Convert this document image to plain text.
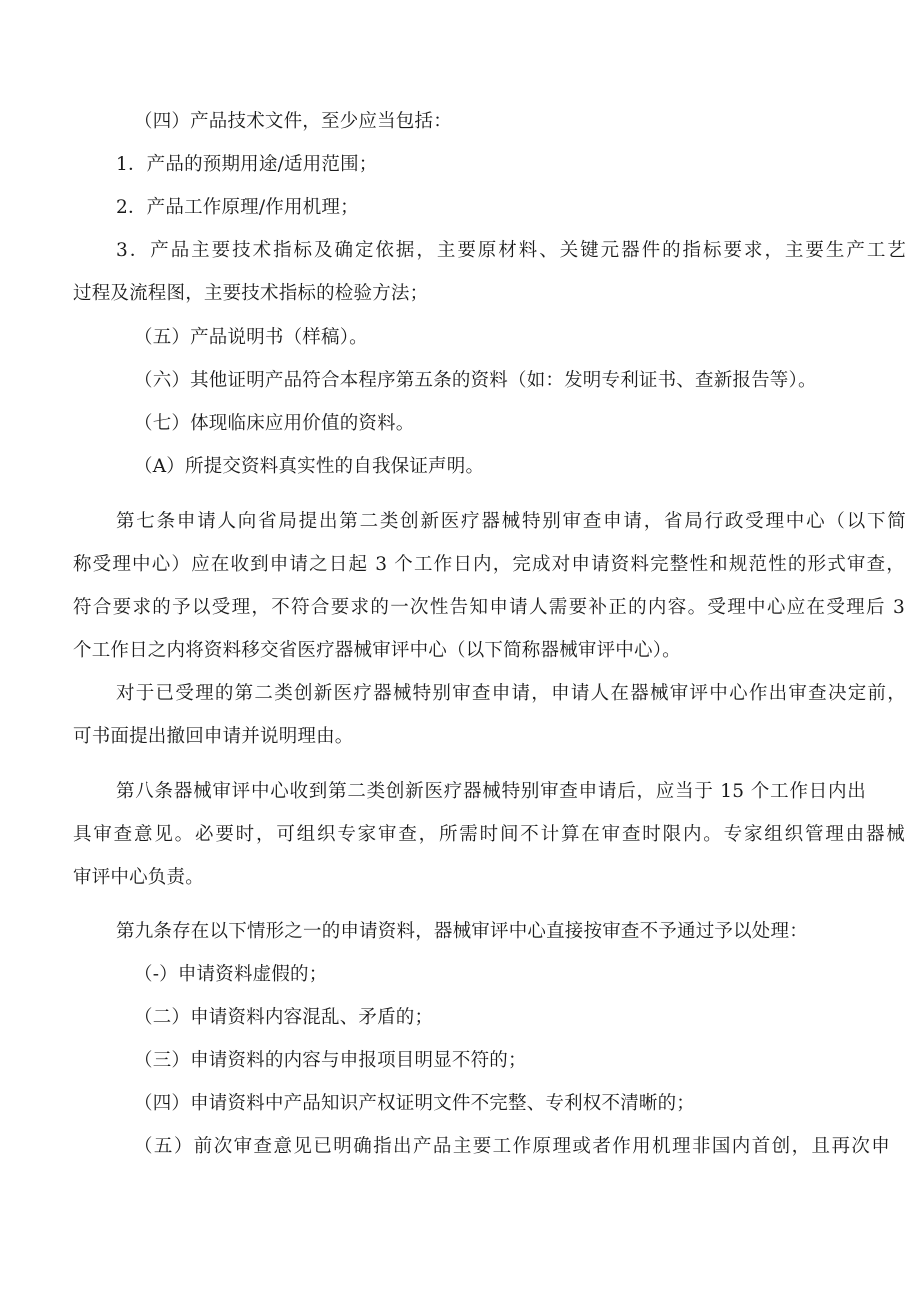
（四）产品技术文件，至少应当包括：
1．产品的预期用途/适用范围；
2．产品工作原理/作用机理；
3．产品主要技术指标及确定依据，主要原材料、关键元器件的指标要求，主要生产工艺
过程及流程图，主要技术指标的检验方法；
（五）产品说明书（样稿）。
（六）其他证明产品符合本程序第五条的资料（如：发明专利证书、查新报告等）。
（七）体现临床应用价值的资料。
（A）所提交资料真实性的自我保证声明。
第七条申请人向省局提出第二类创新医疗器械特别审查申请，省局行政受理中心（以下简
称受理中心）应在收到申请之日起 3 个工作日内，完成对申请资料完整性和规范性的形式审查，
符合要求的予以受理，不符合要求的一次性告知申请人需要补正的内容。受理中心应在受理后 3
个工作日之内将资料移交省医疗器械审评中心（以下简称器械审评中心）。
对于已受理的第二类创新医疗器械特别审查申请，申请人在器械审评中心作出审查决定前，
可书面提出撤回申请并说明理由。
第八条器械审评中心收到第二类创新医疗器械特别审查申请后，应当于 15 个工作日内出
具审查意见。必要时，可组织专家审查，所需时间不计算在审查时限内。专家组织管理由器械
审评中心负责。
第九条存在以下情形之一的申请资料，器械审评中心直接按审查不予通过予以处理：
（-）申请资料虚假的；
（二）申请资料内容混乱、矛盾的；
（三）申请资料的内容与申报项目明显不符的；
（四）申请资料中产品知识产权证明文件不完整、专利权不清晰的；
（五）前次审查意见已明确指出产品主要工作原理或者作用机理非国内首创，且再次申
